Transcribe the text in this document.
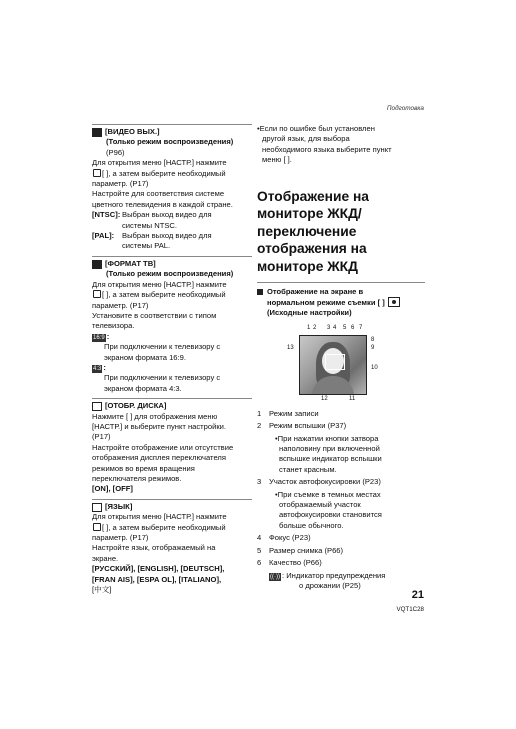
Подготовка
[ВИДЕО ВЫХ.]
(Только режим воспроизведения)
(P96)
Для открытия меню [НАСТР.] нажмите
[ ], а затем выберите необходимый
параметр. (P17)
Настройте для соответствия системе
цветного телевидения в каждой стране.
[NTSC]: Выбран выход видео для
системы NTSC.
[PAL]:	Выбран выход видео для
системы PAL.
[ФОРМАТ ТВ]
(Только режим воспроизведения)
Для открытия меню [НАСТР.] нажмите
[ ], а затем выберите необходимый
параметр. (P17)
Установите в соответствии с типом
телевизора.
16:9 :
При подключении к телевизору с
экраном формата 16:9.
4:3 :
При подключении к телевизору с
экраном формата 4:3.
[ОТОБР. ДИСКА]
Нажмите [ ] для отображения меню
[НАСТР.] и выберите пункт настройки.
(P17)
Настройте отображение или отсутствие
отображения дисплея переключателя
режимов во время вращения
переключателя режимов.
[ON], [OFF]
[ЯЗЫК]
Для открытия меню [НАСТР.] нажмите
[ ], а затем выберите необходимый
параметр. (P17)
Настройте язык, отображаемый на
экране.
[РУССКИЙ], [ENGLISH], [DEUTSCH],
[FRAN AIS], [ESPA OL], [ITALIANO],
[中文]
•Если по ошибке был установлен
другой язык, для выбора
необходимого языка выберите пункт
меню [ ].
Отображение на
мониторе ЖКД/
переключение
отображения на
мониторе ЖКД
Отображение на экране в
нормальном режиме съемки [ ]
(Исходные настройки)
1 2 3 4 5 6 7
8
9
10
11
12
13
1	Режим записи
2	Режим вспышки (P37)
•При нажатии кнопки затвора
наполовину при включенной
вспышке индикатор вспышки
станет красным.
3	Участок автофокусировки (P23)
•При съемке в темных местах
отображаемый участок
автофокусировки становится
больше обычного.
4	Фокус (P23)
5	Размер снимка (P66)
6	Качество (P66)
((·)) : Индикатор предупреждения
о дрожании (P25)
21
VQT1C28
